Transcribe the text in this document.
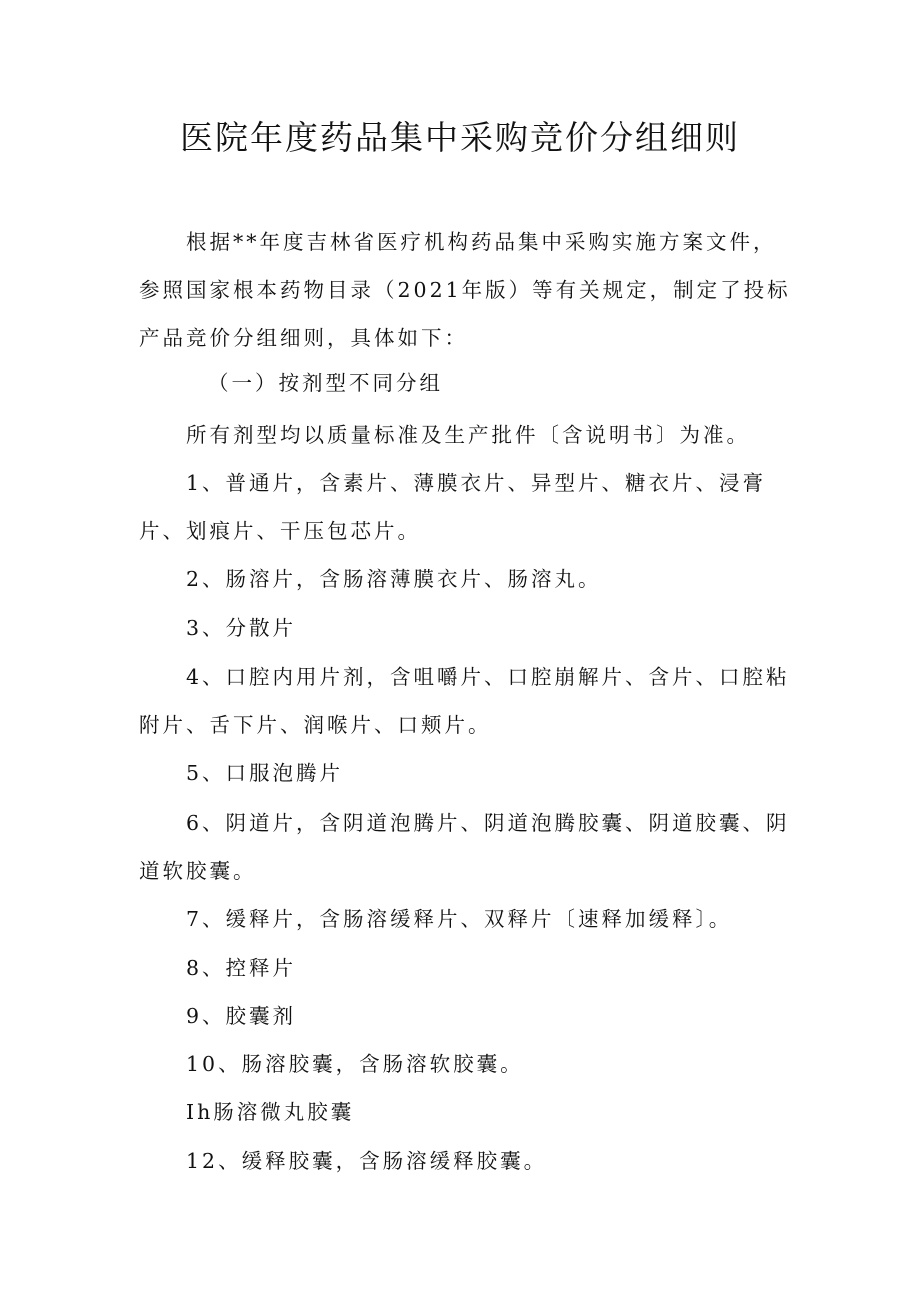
医院年度药品集中采购竞价分组细则
根据**年度吉林省医疗机构药品集中采购实施方案文件，参照国家根本药物目录（2021年版）等有关规定，制定了投标产品竞价分组细则，具体如下：
（一）按剂型不同分组
所有剂型均以质量标准及生产批件〔含说明书〕为准。
1、普通片，含素片、薄膜衣片、异型片、糖衣片、浸膏片、划痕片、干压包芯片。
2、肠溶片，含肠溶薄膜衣片、肠溶丸。
3、分散片
4、口腔内用片剂，含咀嚼片、口腔崩解片、含片、口腔粘附片、舌下片、润喉片、口颊片。
5、口服泡腾片
6、阴道片，含阴道泡腾片、阴道泡腾胶囊、阴道胶囊、阴道软胶囊。
7、缓释片，含肠溶缓释片、双释片〔速释加缓释〕。
8、控释片
9、胶囊剂
10、肠溶胶囊，含肠溶软胶囊。
Ih肠溶微丸胶囊
12、缓释胶囊，含肠溶缓释胶囊。
